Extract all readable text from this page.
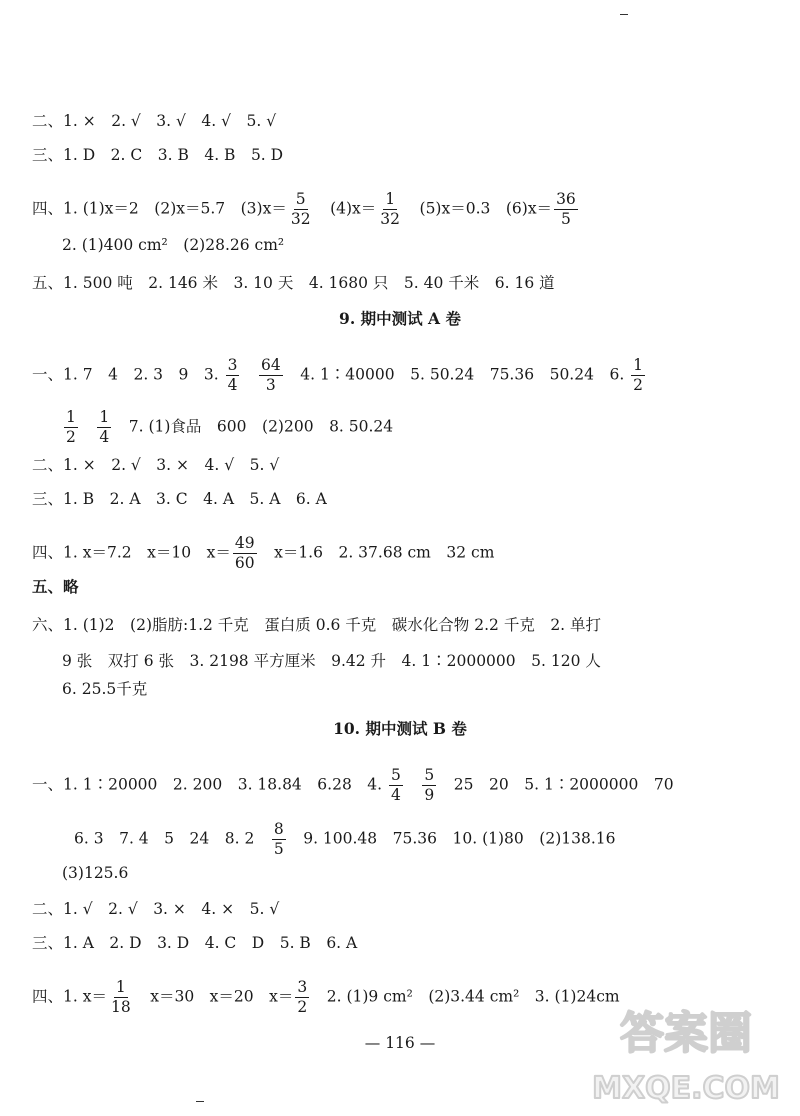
二、1. ×　2. √　3. √　4. √　5. √
三、1. D　2. C　3. B　4. B　5. D
四、1. (1)x＝2　(2)x＝5.7　$(3)x= \frac{5}{32}$ 　$(4)x= \frac{1}{32}$ 　(5)x＝0.3　$(6)x= \frac{36}{5}$
2. (1)400 cm²　(2)28.26 cm²
五、1. 500 吨　2. 146 米　3. 10 天　4. 1680 只　5. 40 千米　6. 16 道
9. 期中测试 A 卷
一、1. 7　4　2. 3　9　3. $\frac{3}{4}$
　 $\frac{64}{3}$ 　4. 1∶40000　5. 50.24　75.36　50.24　6. $\frac{1}{2}$
$\frac{1}{2}$
　 $\frac{1}{4}$ 　7. (1)食品　600　(2)200　8. 50.24
二、1. ×　2. √　3. ×　4. √　5. √
三、1. B　2. A　3. C　4. A　5. A　6. A
四、1. x＝7.2　x＝10　$x= \frac{49}{60}$ 　x＝1.6　2. 37.68 cm　32 cm
五、略
六、1. (1)2　(2)脂肪:1.2 千克　蛋白质 0.6 千克　碳水化合物 2.2 千克　2. 单打
9 张　双打 6 张　3. 2198 平方厘米　9.42 升　4. 1∶2000000　5. 120 人
6. 25.5千克
10. 期中测试 B 卷
一、1. 1∶20000　2. 200　3. 18.84　6.28　4. $\frac{5}{4}$
　 $\frac{5}{9}$ 　25　20　5. 1∶2000000　70
6. 3　7. 4　5　24　8. 2　 $\frac{8}{5}$ 　9. 100.48　75.36　10. (1)80　(2)138.16
(3)125.6
二、1. √　2. √　3. ×　4. ×　5. √
三、1. A　2. D　3. D　4. C　D　5. B　6. A
四、1. $x= \frac{1}{18}$ 　x＝30　x＝20　$x= \frac{3}{2}$ 　2. (1)9 cm²　(2)3.44 cm²　3. (1)24cm
— 116 —	答案圈
MXQE.COM
